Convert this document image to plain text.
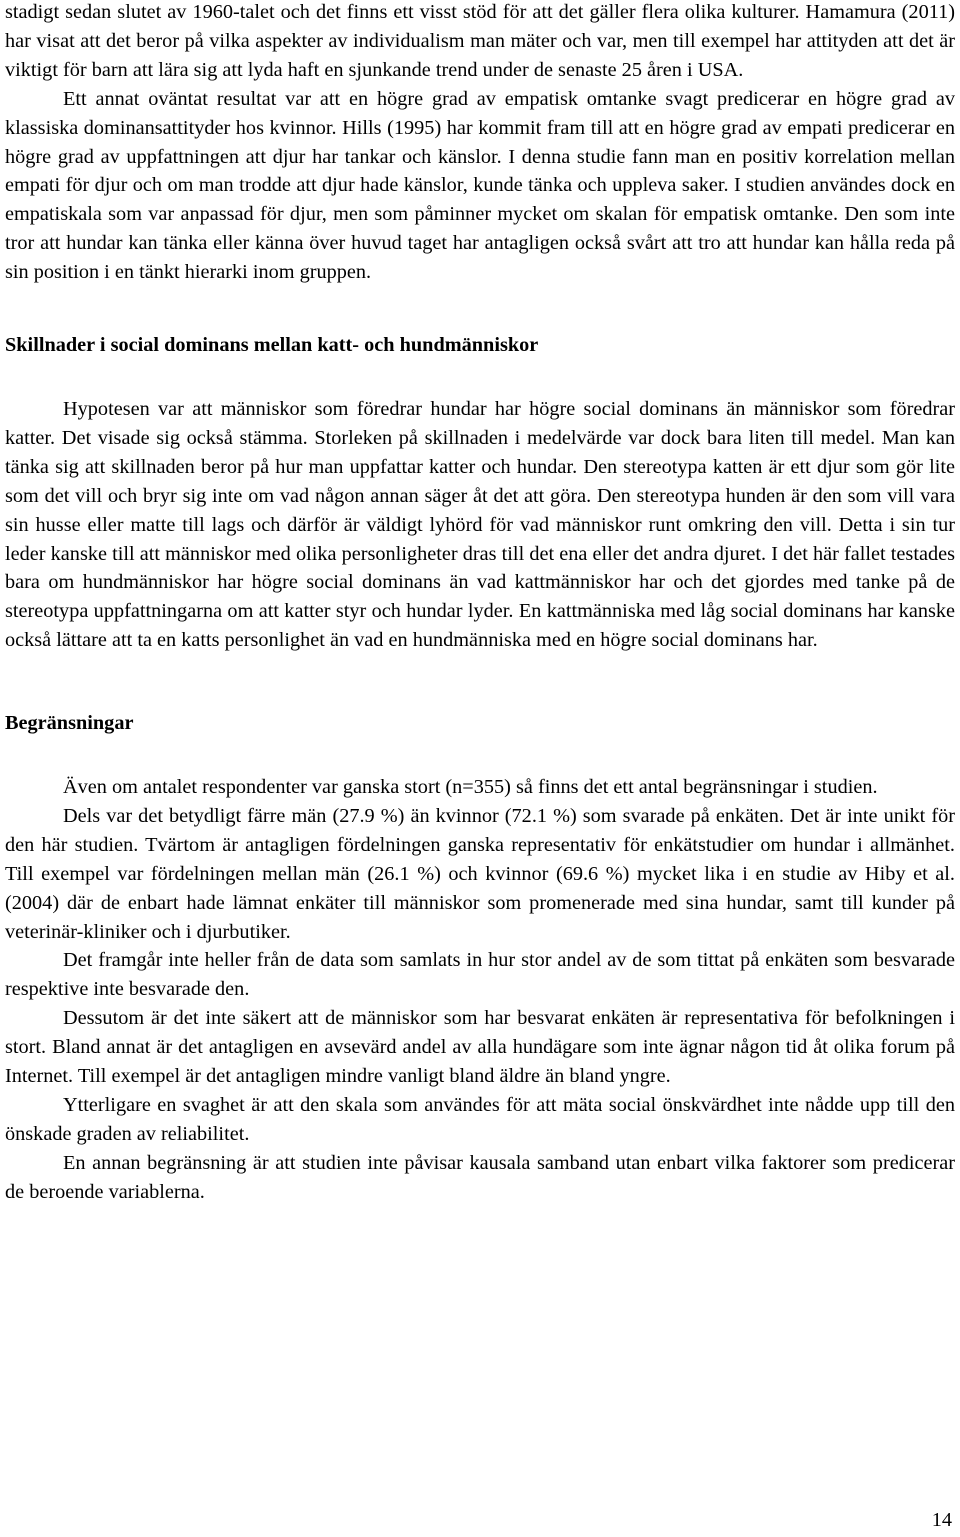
stadigt sedan slutet av 1960-talet och det finns ett visst stöd för att det gäller flera olika kulturer. Hamamura (2011) har visat att det beror på vilka aspekter av individualism man mäter och var, men till exempel har attityden att det är viktigt för barn att lära sig att lyda haft en sjunkande trend under de senaste 25 åren i USA.

Ett annat oväntat resultat var att en högre grad av empatisk omtanke svagt predicerar en högre grad av klassiska dominansattityder hos kvinnor. Hills (1995) har kommit fram till att en högre grad av empati predicerar en högre grad av uppfattningen att djur har tankar och känslor. I denna studie fann man en positiv korrelation mellan empati för djur och om man trodde att djur hade känslor, kunde tänka och uppleva saker. I studien användes dock en empatiskala som var anpassad för djur, men som påminner mycket om skalan för empatisk omtanke. Den som inte tror att hundar kan tänka eller känna över huvud taget har antagligen också svårt att tro att hundar kan hålla reda på sin position i en tänkt hierarki inom gruppen.

Skillnader i social dominans mellan katt- och hundmänniskor

Hypotesen var att människor som föredrar hundar har högre social dominans än människor som föredrar katter. Det visade sig också stämma. Storleken på skillnaden i medelvärde var dock bara liten till medel. Man kan tänka sig att skillnaden beror på hur man uppfattar katter och hundar. Den stereotypa katten är ett djur som gör lite som det vill och bryr sig inte om vad någon annan säger åt det att göra. Den stereotypa hunden är den som vill vara sin husse eller matte till lags och därför är väldigt lyhörd för vad människor runt omkring den vill. Detta i sin tur leder kanske till att människor med olika personligheter dras till det ena eller det andra djuret. I det här fallet testades bara om hundmänniskor har högre social dominans än vad kattmänniskor har och det gjordes med tanke på de stereotypa uppfattningarna om att katter styr och hundar lyder. En kattmänniska med låg social dominans har kanske också lättare att ta en katts personlighet än vad en hundmänniska med en högre social dominans har.

Begränsningar

Även om antalet respondenter var ganska stort (n=355) så finns det ett antal begränsningar i studien.

Dels var det betydligt färre män (27.9 %) än kvinnor (72.1 %) som svarade på enkäten. Det är inte unikt för den här studien. Tvärtom är antagligen fördelningen ganska representativ för enkätstudier om hundar i allmänhet. Till exempel var fördelningen mellan män (26.1 %) och kvinnor (69.6 %) mycket lika i en studie av Hiby et al. (2004) där de enbart hade lämnat enkäter till människor som promenerade med sina hundar, samt till kunder på veterinär-kliniker och i djurbutiker.

Det framgår inte heller från de data som samlats in hur stor andel av de som tittat på enkäten som besvarade respektive inte besvarade den.

Dessutom är det inte säkert att de människor som har besvarat enkäten är representativa för befolkningen i stort. Bland annat är det antagligen en avsevärd andel av alla hundägare som inte ägnar någon tid åt olika forum på Internet. Till exempel är det antagligen mindre vanligt bland äldre än bland yngre.

Ytterligare en svaghet är att den skala som användes för att mäta social önskvärdhet inte nådde upp till den önskade graden av reliabilitet.

En annan begränsning är att studien inte påvisar kausala samband utan enbart vilka faktorer som predicerar de beroende variablerna.

14
